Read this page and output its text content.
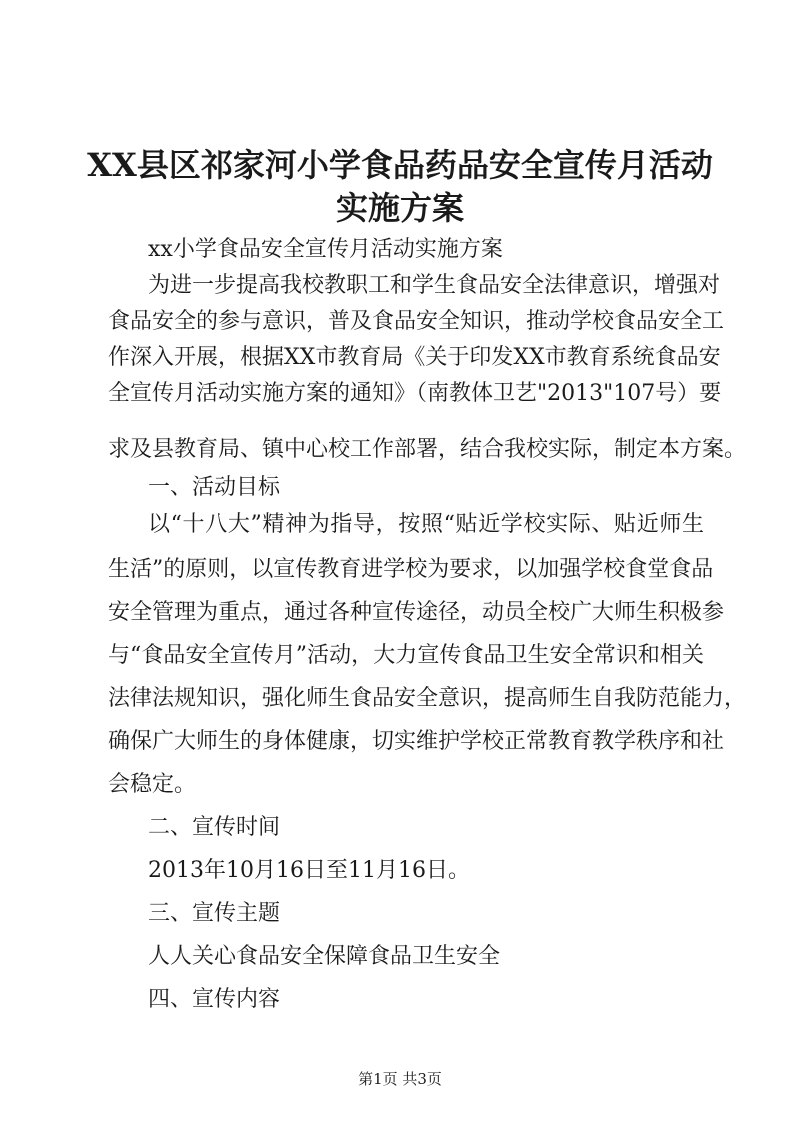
XX县区祁家河小学食品药品安全宣传月活动
实施方案
xx小学食品安全宣传月活动实施方案
为进一步提高我校教职工和学生食品安全法律意识，增强对
食品安全的参与意识，普及食品安全知识，推动学校食品安全工
作深入开展，根据XX市教育局《关于印发XX市教育系统食品安
全宣传月活动实施方案的通知》（南教体卫艺"2013"107号）要
求及县教育局、镇中心校工作部署，结合我校实际，制定本方案。
一、活动目标
以“十八大”精神为指导，按照“贴近学校实际、贴近师生
生活”的原则，以宣传教育进学校为要求，以加强学校食堂食品
安全管理为重点，通过各种宣传途径，动员全校广大师生积极参
与“食品安全宣传月”活动，大力宣传食品卫生安全常识和相关
法律法规知识，强化师生食品安全意识，提高师生自我防范能力，
确保广大师生的身体健康，切实维护学校正常教育教学秩序和社
会稳定。
二、宣传时间
2013年10月16日至11月16日。
三、宣传主题
人人关心食品安全保障食品卫生安全
四、宣传内容
第1页 共3页
